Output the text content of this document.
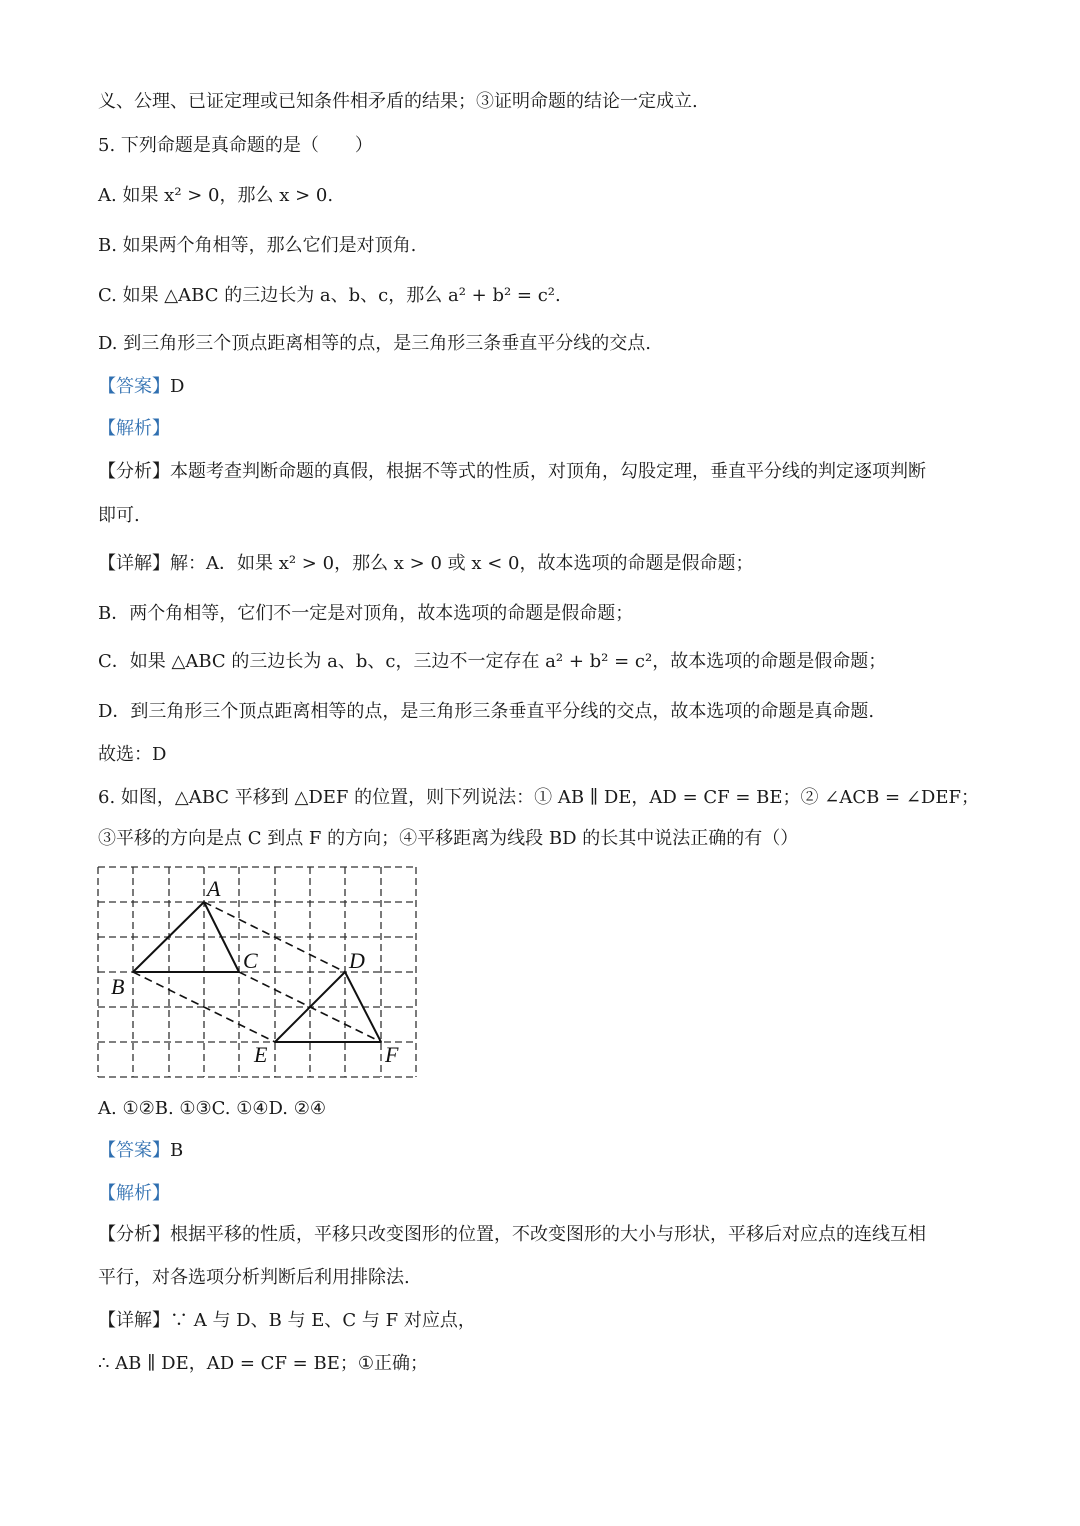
义、公理、已证定理或已知条件相矛盾的结果；③证明命题的结论一定成立.
5. 下列命题是真命题的是（　　）
A. 如果 x² > 0，那么 x > 0.
B. 如果两个角相等，那么它们是对顶角.
C. 如果 △ABC 的三边长为 a、b、c，那么 a² + b² = c².
D. 到三角形三个顶点距离相等的点，是三角形三条垂直平分线的交点.
【答案】D
【解析】
【分析】本题考查判断命题的真假，根据不等式的性质，对顶角，勾股定理，垂直平分线的判定逐项判断
即可.
【详解】解：A．如果 x² > 0，那么 x > 0 或 x < 0，故本选项的命题是假命题；
B．两个角相等，它们不一定是对顶角，故本选项的命题是假命题；
C．如果 △ABC 的三边长为 a、b、c，三边不一定存在 a² + b² = c²，故本选项的命题是假命题；
D．到三角形三个顶点距离相等的点，是三角形三条垂直平分线的交点，故本选项的命题是真命题.
故选：D
6. 如图，△ABC 平移到 △DEF 的位置，则下列说法：① AB ∥ DE，AD = CF = BE；② ∠ACB = ∠DEF；
③平移的方向是点 C 到点 F 的方向；④平移距离为线段 BD 的长其中说法正确的有（）
A
B
C	D
E	F
A. ①②B. ①③C. ①④D. ②④
【答案】B
【解析】
【分析】根据平移的性质，平移只改变图形的位置，不改变图形的大小与形状，平移后对应点的连线互相
平行，对各选项分析判断后利用排除法.
【详解】∵ A 与 D、B 与 E、C 与 F 对应点，
∴ AB ∥ DE，AD = CF = BE；①正确；
